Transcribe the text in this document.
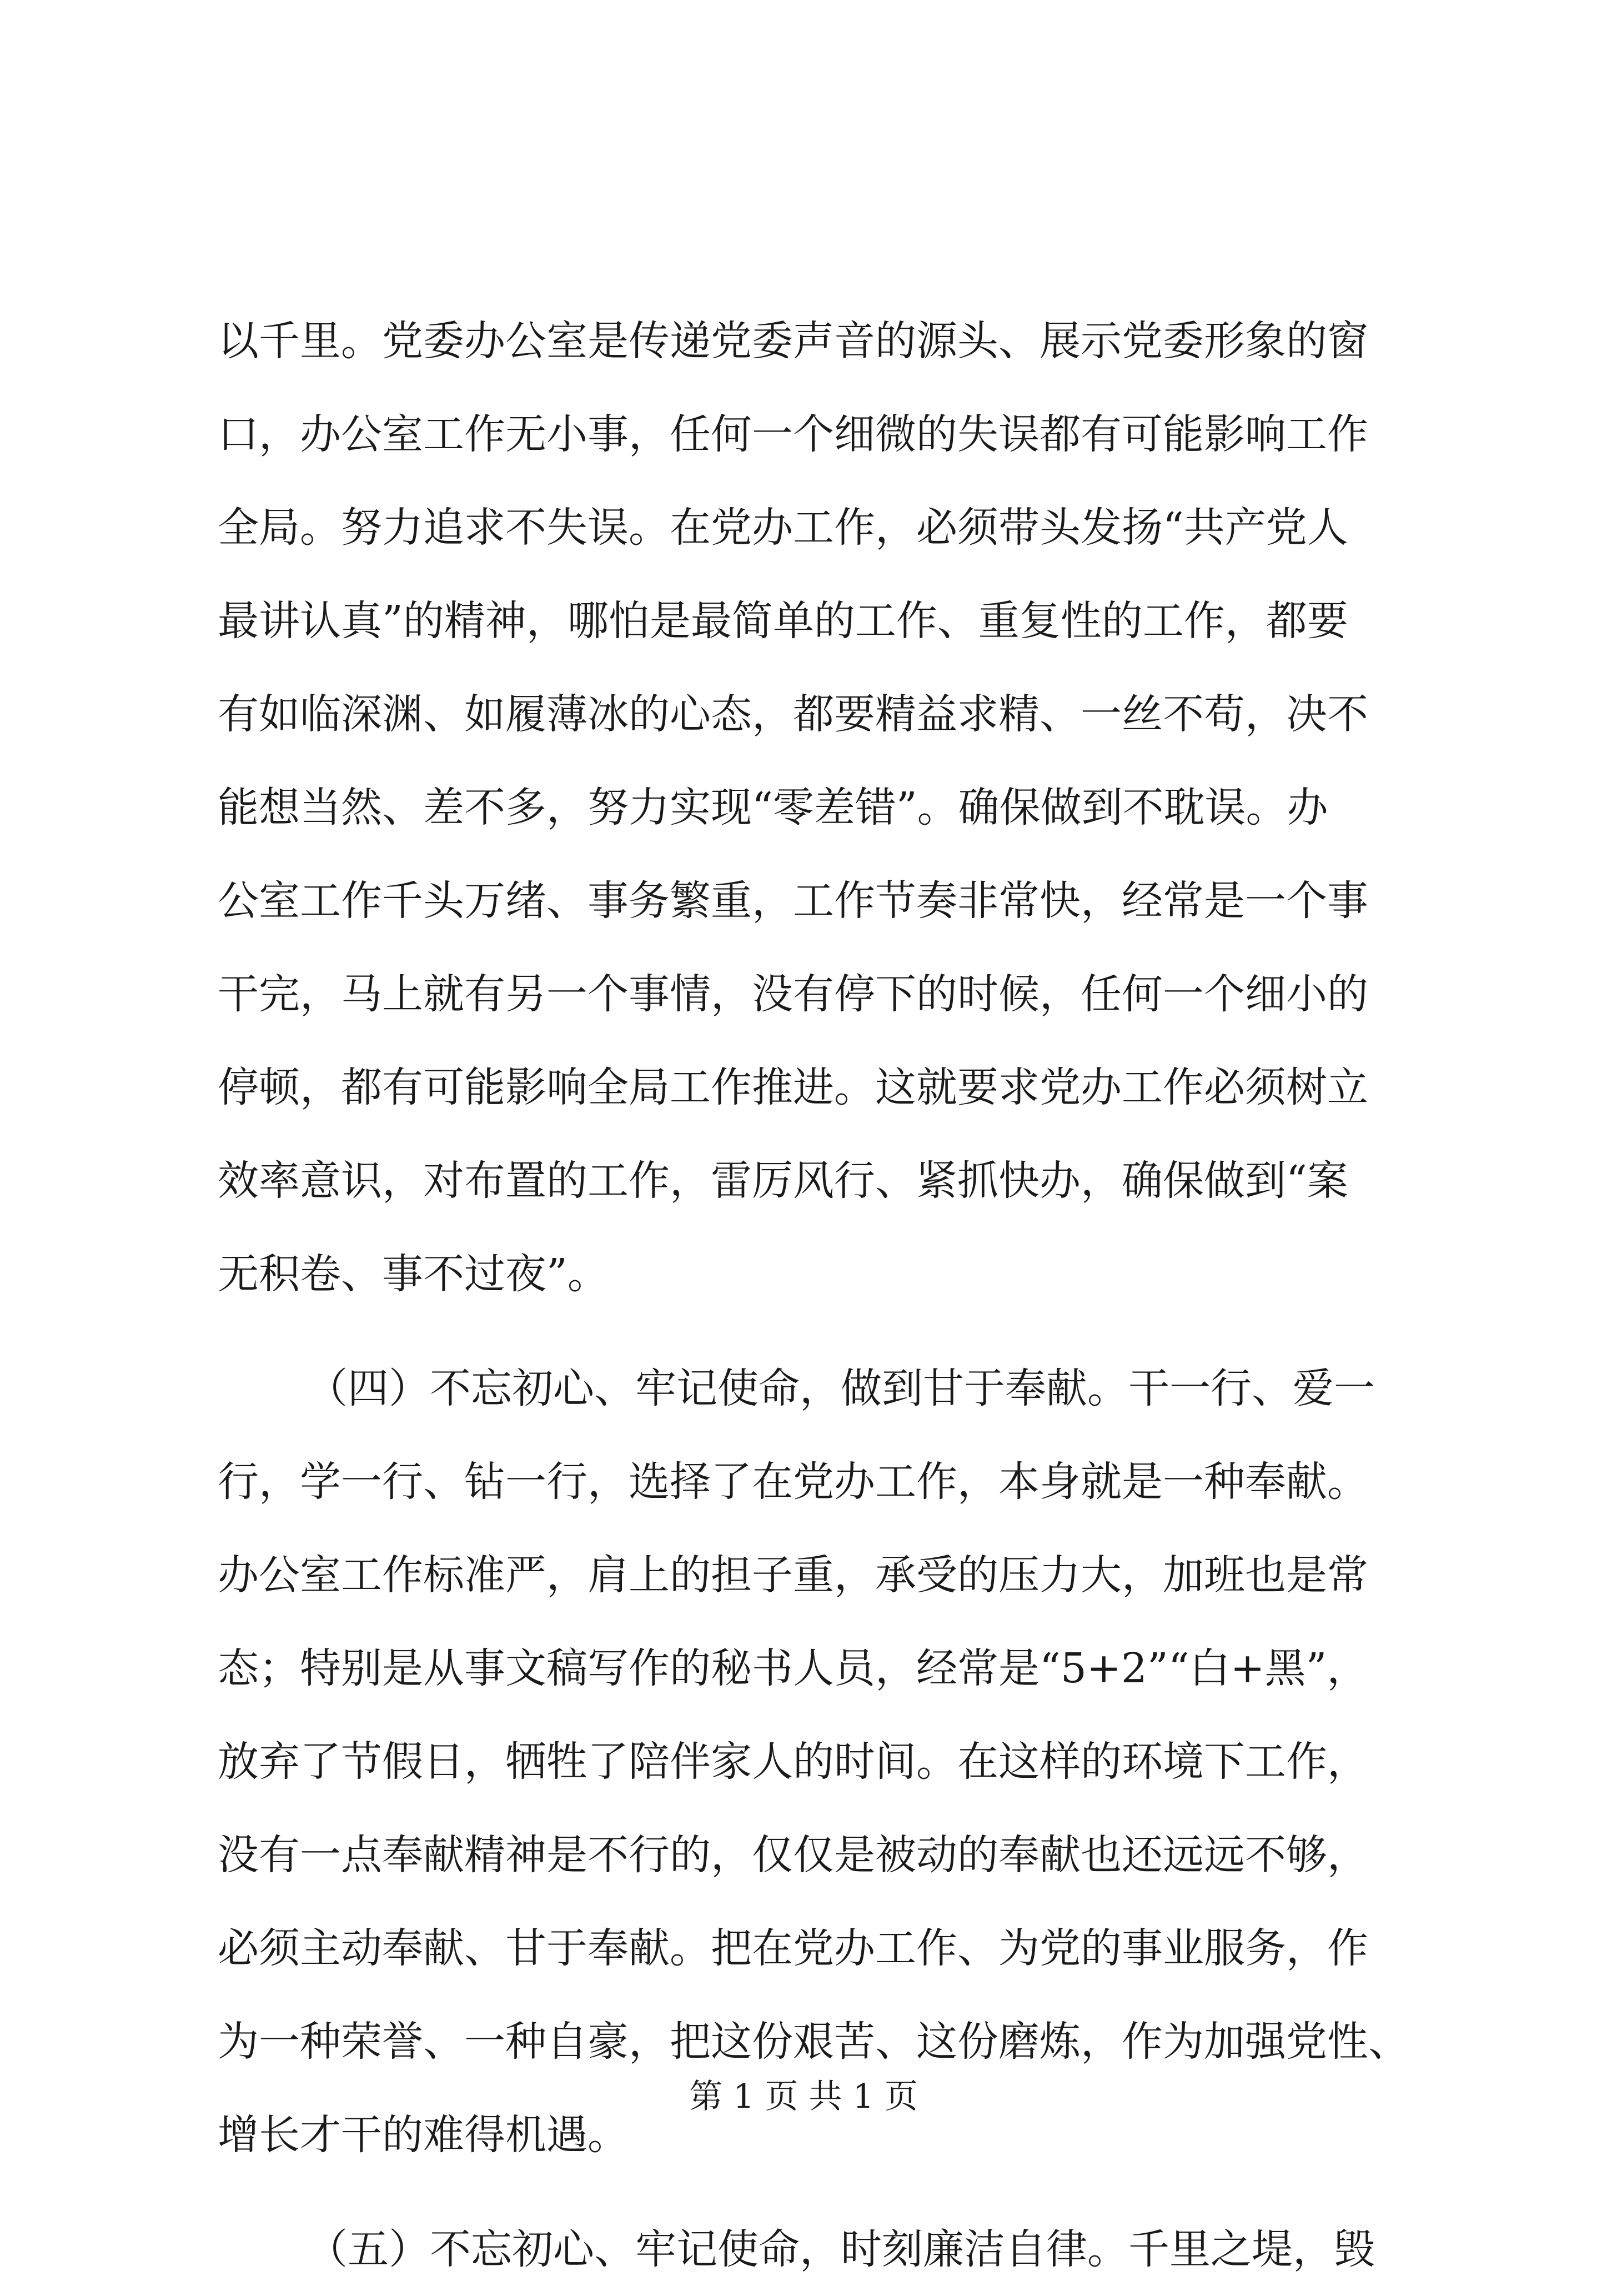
以千里。党委办公室是传递党委声音的源头、展示党委形象的窗
口，办公室工作无小事，任何一个细微的失误都有可能影响工作
全局。努力追求不失误。在党办工作，必须带头发扬“共产党人
最讲认真”的精神，哪怕是最简单的工作、重复性的工作，都要
有如临深渊、如履薄冰的心态，都要精益求精、一丝不苟，决不
能想当然、差不多，努力实现“零差错”。确保做到不耽误。办
公室工作千头万绪、事务繁重，工作节奏非常快，经常是一个事
干完，马上就有另一个事情，没有停下的时候，任何一个细小的
停顿，都有可能影响全局工作推进。这就要求党办工作必须树立
效率意识，对布置的工作，雷厉风行、紧抓快办，确保做到“案
无积卷、事不过夜”。
（四）不忘初心、牢记使命，做到甘于奉献。干一行、爱一
行，学一行、钻一行，选择了在党办工作，本身就是一种奉献。
办公室工作标准严，肩上的担子重，承受的压力大，加班也是常
态；特别是从事文稿写作的秘书人员，经常是“5+2”“白+黑”，
放弃了节假日，牺牲了陪伴家人的时间。在这样的环境下工作，
没有一点奉献精神是不行的，仅仅是被动的奉献也还远远不够，
必须主动奉献、甘于奉献。把在党办工作、为党的事业服务，作
为一种荣誉、一种自豪，把这份艰苦、这份磨炼，作为加强党性、
增长才干的难得机遇。
（五）不忘初心、牢记使命，时刻廉洁自律。千里之堤，毁
第 1 页 共 1 页
